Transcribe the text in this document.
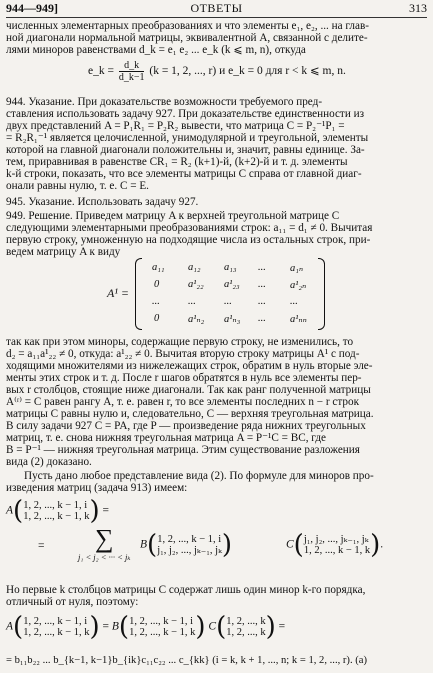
944—949]	ОТВЕТЫ	313
численных элементарных преобразованиях и что элементы e₁, e₂, ... на глав-
ной диагонали нормальной матрицы, эквивалентной A, связанной с делите-
лями миноров равенствами d_k = e₁ e₂ ... e_k (k ⩽ m, n), откуда
e_k = $\frac{d\_k}{d\_k-1} (k = 1$, 2, ..., r) и e_k = 0 для r < k ⩽ m, n.
944. Указание. При доказательстве возможности требуемого пред-
ставления использовать задачу 927. При доказательстве единственности из
двух представлений A = P₁R₁ = P₂R₂ вывести, что матрица C = P₂⁻¹P₁ =
= R₂R₁⁻¹ является целочисленной, унимодулярной и треугольной, элементы
которой на главной диагонали положительны и, значит, равны единице. За-
тем, приравнивая в равенстве CR₁ = R₂ (k+1)-й, (k+2)-й и т. д. элементы
k-й строки, показать, что все элементы матрицы C справа от главной диаг-
онали равны нулю, т. е. C = E.
945. Указание. Использовать задачу 927.
949. Решение. Приведем матрицу A к верхней треугольной матрице C
следующими элементарными преобразованиями строк: a₁₁ = d₁ ≠ 0. Вычитая
первую строку, умноженную на подходящие числа из остальных строк, при-
ведем матрицу A к виду
A¹ =
a₁₁ a₁₂ a₁₃ ... a₁ₙ
0	a¹₂₂ a¹₂₃ ... a¹₂ₙ
...	...	... ... ...
0	a¹ₙ₂ a¹ₙ₃ ... a¹ₙₙ
так как при этом миноры, содержащие первую строку, не изменились, то
d₂ = a₁₁a¹₂₂ ≠ 0, откуда: a¹₂₂ ≠ 0. Вычитая вторую строку матрицы A¹ с под-
ходящими множителями из нижележащих строк, обратим в нуль вторые эле-
менты этих строк и т. д. После r шагов обратятся в нуль все элементы пер-
вых r столбцов, стоящие ниже диагонали. Так как ранг полученной матрицы
A⁽ʳ⁾ = C равен рангу A, т. е. равен r, то все элементы последних n − r строк
матрицы C равны нулю и, следовательно, C — верхняя треугольная матрица.
В силу задачи 927 C = PA, где P — произведение ряда нижних треугольных
матриц, т. е. снова нижняя треугольная матрица A = P⁻¹C = BC, где
B = P⁻¹ — нижняя треугольная матрица. Этим существование разложения
вида (2) доказано.
Пусть дано любое представление вида (2). По формуле для миноров про-
изведения матриц (задача 913) имеем:
A( 1, 2, ..., k − 1, i
1, 2, ..., k − 1, k ) =
=	∑
j₁ < j₂ < ··· < jₖ
B( 1, 2, ..., k − 1, i
j₁, j₂, ..., jₖ₋₁, jₖ )	C( j₁, j₂, ..., jₖ₋₁, jₖ
1, 2, ..., k − 1, k ).
Но первые k столбцов матрицы C содержат лишь один минор k-го порядка,
отличный от нуля, поэтому:
A( 1, 2, ..., k − 1, i
1, 2, ..., k − 1, k ) = B( 1, 2, ..., k − 1, i
1, 2, ..., k − 1, k ) C( 1, 2, ..., k
1, 2, ..., k ) =
= b₁₁b₂₂ ... b_{k−1, k−1}b_{ik}c₁₁c₂₂ ... c_{kk} (i = k, k + 1, ..., n; k = 1, 2, ..., r). (a)
